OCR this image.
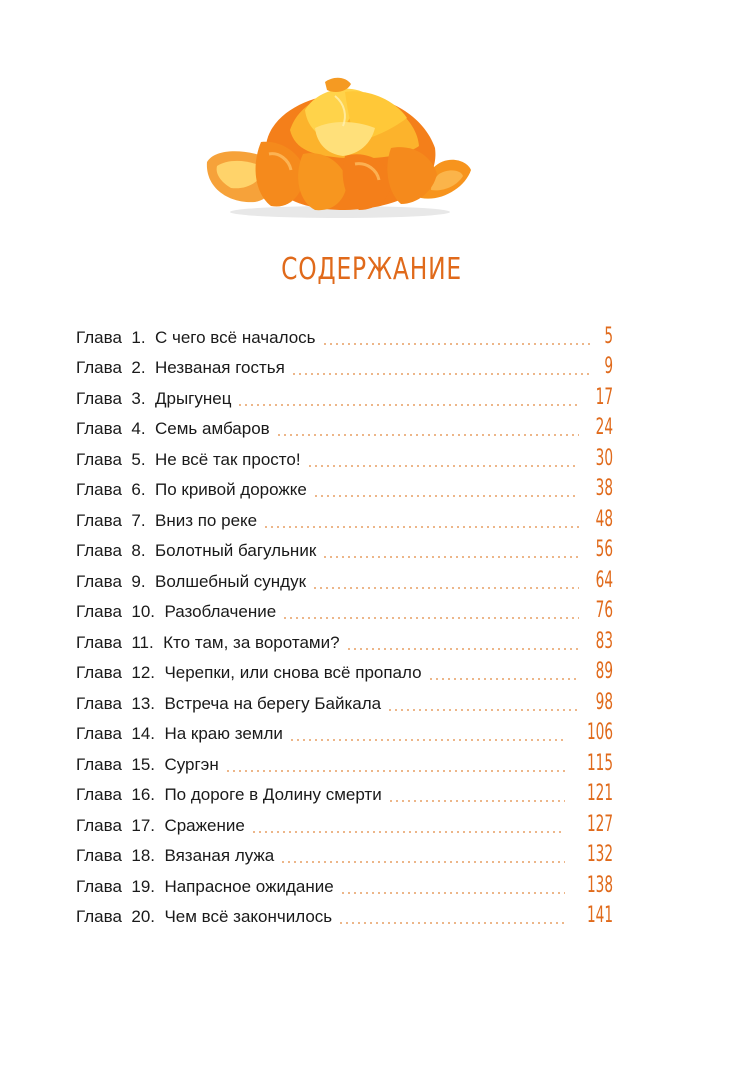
СОДЕРЖАНИЕ
Глава  1.  С чего всё началось	5
Глава  2.  Незваная гостья	9
Глава  3.  Дрыгунец	17
Глава  4.  Семь амбаров	24
Глава  5.  Не всё так просто!	30
Глава  6.  По кривой дорожке	38
Глава  7.  Вниз по реке	48
Глава  8.  Болотный багульник	56
Глава  9.  Волшебный сундук	64
Глава  10.  Разоблачение	76
Глава  11.  Кто там, за воротами?	83
Глава  12.  Черепки, или снова всё пропало	89
Глава  13.  Встреча на берегу Байкала	98
Глава  14.  На краю земли	106
Глава  15.  Сургэн	115
Глава  16.  По дороге в Долину смерти	121
Глава  17.  Сражение	127
Глава  18.  Вязаная лужа	132
Глава  19.  Напрасное ожидание	138
Глава  20.  Чем всё закончилось	141
